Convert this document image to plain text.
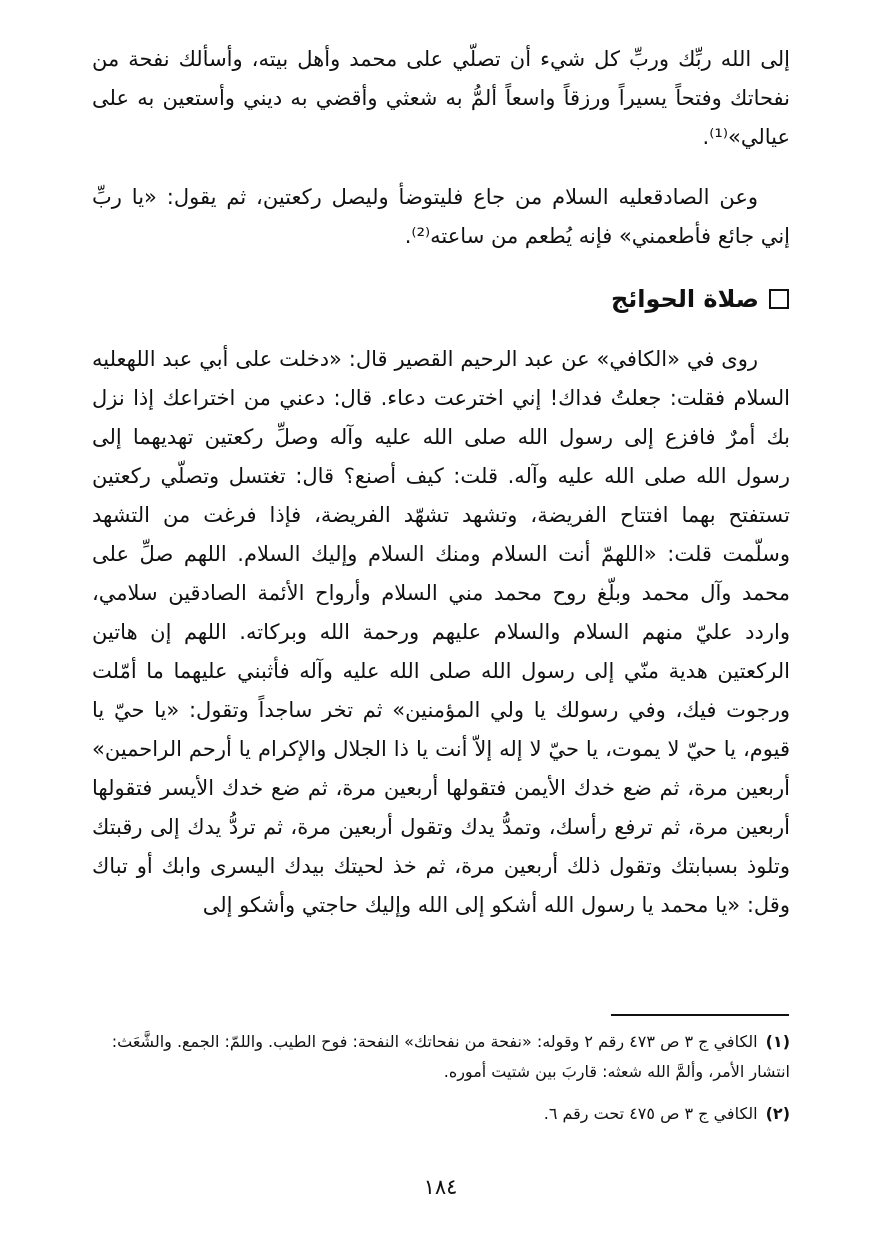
إلى الله ربِّك وربِّ كل شيء أن تصلّي على محمد وأهل بيته، وأسألك نفحة من نفحاتك وفتحاً يسيراً ورزقاً واسعاً ألمُّ به شعثي وأقضي به ديني وأستعين به على عيالي»⁽¹⁾.

وعن الصادقعليه السلام من جاع فليتوضأ وليصل ركعتين، ثم يقول: «يا ربِّ إني جائع فأطعمني» فإنه يُطعم من ساعته⁽²⁾.

صلاة الحوائج

روى في «الكافي» عن عبد الرحيم القصير قال: «دخلت على أبي عبد اللهعليه السلام فقلت: جعلتُ فداك! إني اخترعت دعاء. قال: دعني من اختراعك إذا نزل بك أمرٌ فافزع إلى رسول الله صلى الله عليه وآله وصلِّ ركعتين تهديهما إلى رسول الله صلى الله عليه وآله. قلت: كيف أصنع؟ قال: تغتسل وتصلّي ركعتين تستفتح بهما افتتاح الفريضة، وتشهد تشهّد الفريضة، فإذا فرغت من التشهد وسلّمت قلت: «اللهمّ أنت السلام ومنك السلام وإليك السلام. اللهم صلِّ على محمد وآل محمد وبلّغ روح محمد مني السلام وأرواح الأئمة الصادقين سلامي، واردد عليّ منهم السلام والسلام عليهم ورحمة الله وبركاته. اللهم إن هاتين الركعتين هدية منّي إلى رسول الله صلى الله عليه وآله فأثبني عليهما ما أمّلت ورجوت فيك، وفي رسولك يا ولي المؤمنين» ثم تخر ساجداً وتقول: «يا حيّ يا قيوم، يا حيّ لا يموت، يا حيّ لا إله إلاّ أنت يا ذا الجلال والإكرام يا أرحم الراحمين» أربعين مرة، ثم ضع خدك الأيمن فتقولها أربعين مرة، ثم ضع خدك الأيسر فتقولها أربعين مرة، ثم ترفع رأسك، وتمدُّ يدك وتقول أربعين مرة، ثم تردُّ يدك إلى رقبتك وتلوذ بسبابتك وتقول ذلك أربعين مرة، ثم خذ لحيتك بيدك اليسرى وابك أو تباك وقل: «يا محمد يا رسول الله أشكو إلى الله وإليك حاجتي وأشكو إلى

(١)الكافي ج ٣ ص ٤٧٣ رقم ٢ وقوله: «نفحة من نفحاتك» النفحة: فوح الطيب. واللمّ: الجمع. والشَّعَث: انتشار الأمر، وألمَّ الله شعثه: قاربَ بين شتيت أموره.

(٢)الكافي ج ٣ ص ٤٧٥ تحت رقم ٦.

١٨٤
